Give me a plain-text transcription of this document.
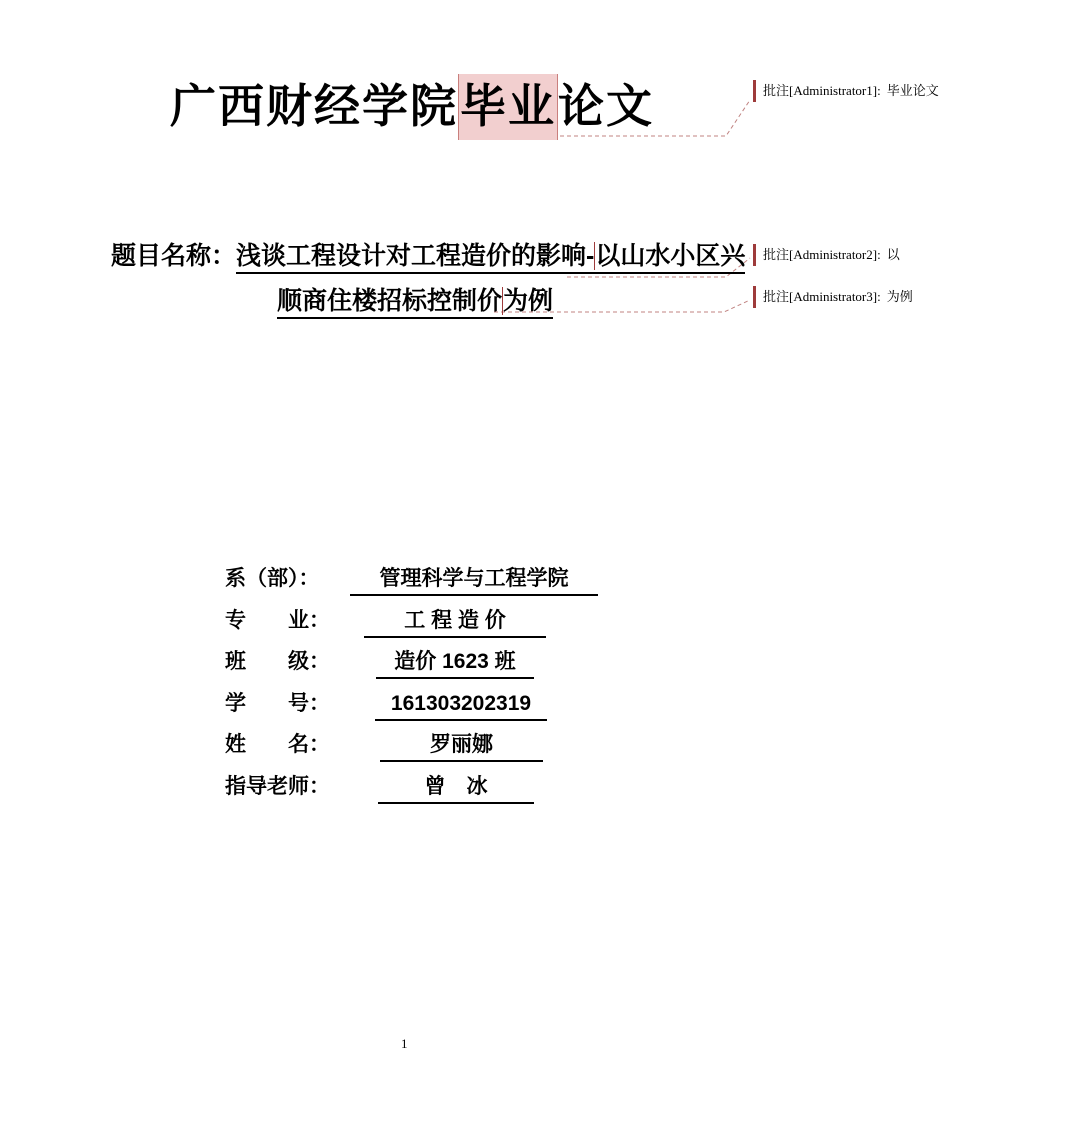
广西财经学院毕业论文
题目名称：浅谈工程设计对工程造价的影响-以山水小区兴
顺商住楼招标控制价为例
系（部）：	管理科学与工程学院
专　　业：	工 程 造 价
班　　级：	造价 1623 班
学　　号：	161303202319
姓　　名：	罗丽娜
指导老师：	曾　冰
批注[Administrator1]: 毕业论文
批注[Administrator2]: 以
批注[Administrator3]: 为例
1
